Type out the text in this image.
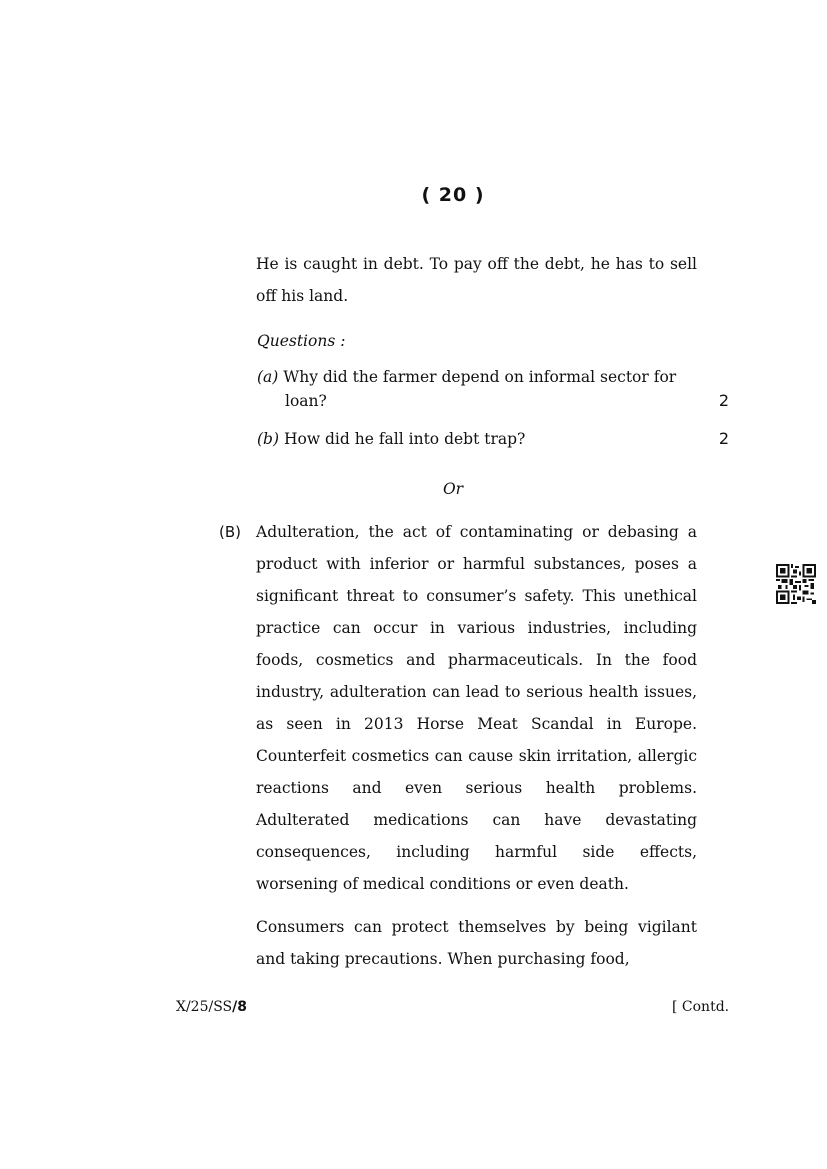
( 20 )

He is caught in debt. To pay off the debt, he has to sell off his land.

Questions :
(a) Why did the farmer depend on informal sector for loan?	2
(b) How did he fall into debt trap?	2
Or
(B) Adulteration, the act of contaminating or debasing a product with inferior or harmful substances, poses a significant threat to consumer’s safety. This unethical practice can occur in various industries, including foods, cosmetics and pharmaceuticals. In the food industry, adulteration can lead to serious health issues, as seen in 2013 Horse Meat Scandal in Europe. Counterfeit cosmetics can cause skin irritation, allergic reactions and even serious health problems. Adulterated medications can have devastating consequences, including harmful side effects, worsening of medical conditions or even death.

Consumers can protect themselves by being vigilant and taking precautions. When purchasing food,

X/25/SS/8	[ Contd.
